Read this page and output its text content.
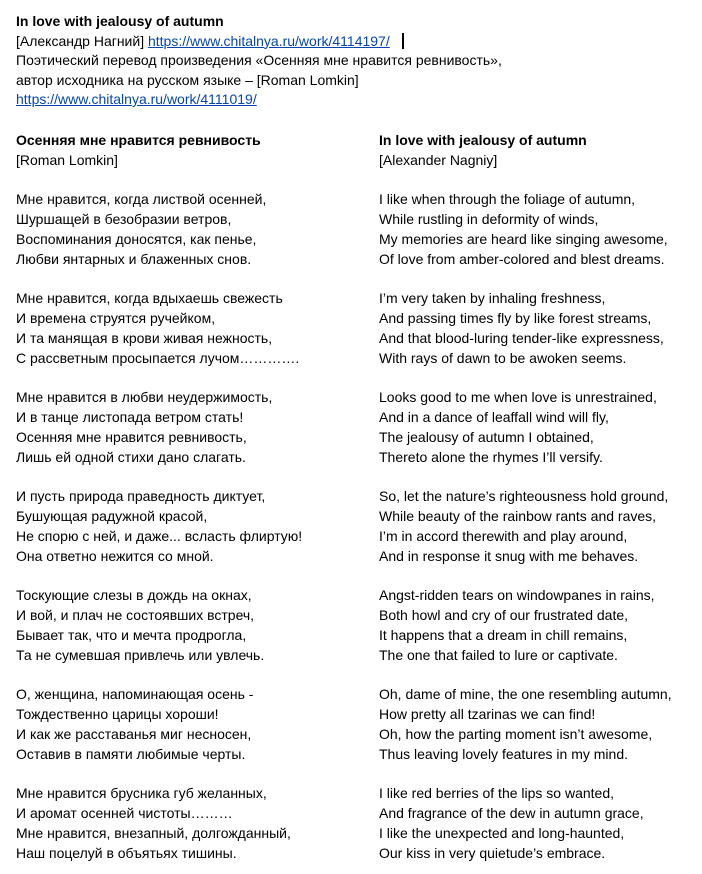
In love with jealousy of autumn
[Александр Нагний] https://www.chitalnya.ru/work/4114197/
Поэтический перевод произведения «Осенняя мне нравится ревнивость»,
автор исходника на русском языке – [Roman Lomkin]
https://www.chitalnya.ru/work/4111019/
Осенняя мне нравится ревнивость
[Roman Lomkin]
Мне нравится, когда листвой осенней,
Шуршащей в безобразии ветров,
Воспоминания доносятся, как пенье,
Любви янтарных и блаженных снов.
Мне нравится, когда вдыхаешь свежесть
И времена струятся ручейком,
И та манящая в крови живая нежность,
С рассветным просыпается лучом………….
Мне нравится в любви неудержимость,
И в танце листопада ветром стать!
Осенняя мне нравится ревнивость,
Лишь ей одной стихи дано слагать.
И пусть природа праведность диктует,
Бушующая радужной красой,
Не спорю с ней, и даже... всласть флиртую!
Она ответно нежится со мной.
Тоскующие слезы в дождь на окнах,
И вой, и плач не состоявших встреч,
Бывает так, что и мечта продрогла,
Та не сумевшая привлечь или увлечь.
О, женщина, напоминающая осень -
Тождественно царицы хороши!
И как же расставанья миг несносен,
Оставив в памяти любимые черты.
Мне нравится брусника губ желанных,
И аромат осенней чистоты………
Мне нравится, внезапный, долгожданный,
Наш поцелуй в объятьях тишины.
In love with jealousy of autumn
[Alexander Nagniy]
I like when through the foliage of autumn,
While rustling in deformity of winds,
My memories are heard like singing awesome,
Of love from amber-colored and blest dreams.
I’m very taken by inhaling freshness,
And passing times fly by like forest streams,
And that blood-luring tender-like expressness,
With rays of dawn to be awoken seems.
Looks good to me when love is unrestrained,
And in a dance of leaffall wind will fly,
The jealousy of autumn I obtained,
Thereto alone the rhymes I’ll versify.
So, let the nature’s righteousness hold ground,
While beauty of the rainbow rants and raves,
I’m in accord therewith and play around,
And in response it snug with me behaves.
Angst-ridden tears on windowpanes in rains,
Both howl and cry of our frustrated date,
It happens that a dream in chill remains,
The one that failed to lure or captivate.
Oh, dame of mine, the one resembling autumn,
How pretty all tzarinas we can find!
Oh, how the parting moment isn’t awesome,
Thus leaving lovely features in my mind.
I like red berries of the lips so wanted,
And fragrance of the dew in autumn grace,
I like the unexpected and long-haunted,
Our kiss in very quietude’s embrace.
